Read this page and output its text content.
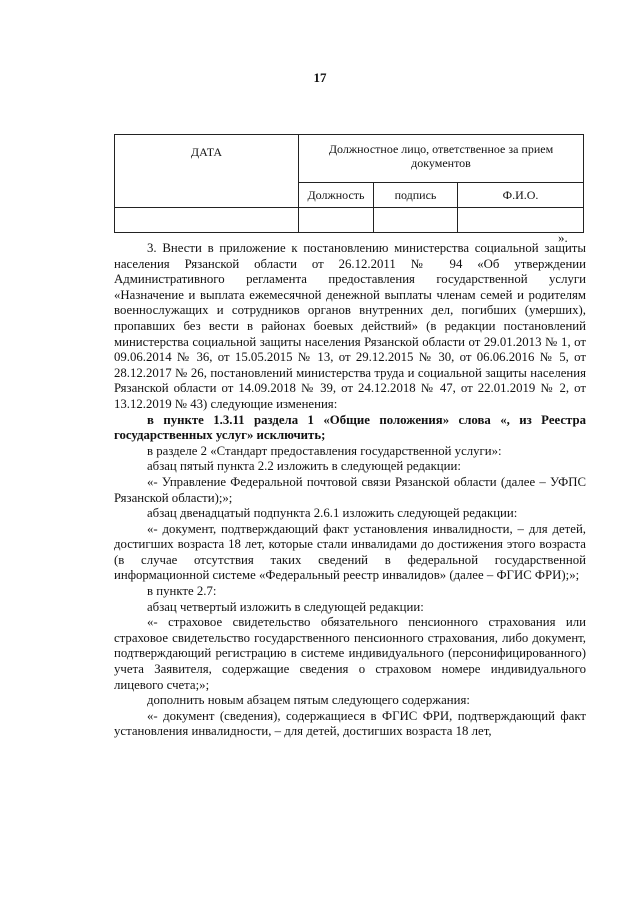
17
ДАТА	Должностное лицо, ответственное за прием документов		
	Должность	подпись	Ф.И.О.

».

3. Внести в приложение к постановлению министерства социальной защиты населения Рязанской области от 26.12.2011 № 94 «Об утверждении Административного регламента предоставления государственной услуги «Назначение и выплата ежемесячной денежной выплаты членам семей и родителям военнослужащих и сотрудников органов внутренних дел, погибших (умерших), пропавших без вести в районах боевых действий» (в редакции постановлений министерства социальной защиты населения Рязанской области от 29.01.2013 № 1, от 09.06.2014 № 36, от 15.05.2015 № 13, от 29.12.2015 № 30, от 06.06.2016 № 5, от 28.12.2017 № 26, постановлений министерства труда и социальной защиты населения Рязанской области от 14.09.2018 № 39, от 24.12.2018 № 47, от 22.01.2019 № 2, от 13.12.2019 № 43) следующие изменения:

в пункте 1.3.11 раздела 1 «Общие положения» слова «, из Реестра государственных услуг» исключить;

в разделе 2 «Стандарт предоставления государственной услуги»:

абзац пятый пункта 2.2 изложить в следующей редакции:

«- Управление Федеральной почтовой связи Рязанской области (далее – УФПС Рязанской области);»;

абзац двенадцатый подпункта 2.6.1 изложить следующей редакции:

«- документ, подтверждающий факт установления инвалидности, – для детей, достигших возраста 18 лет, которые стали инвалидами до достижения этого возраста (в случае отсутствия таких сведений в федеральной государственной информационной системе «Федеральный реестр инвалидов» (далее – ФГИС ФРИ);»;

в пункте 2.7:

абзац четвертый изложить в следующей редакции:

«- страховое свидетельство обязательного пенсионного страхования или страховое свидетельство государственного пенсионного страхования, либо документ, подтверждающий регистрацию в системе индивидуального (персонифицированного) учета Заявителя, содержащие сведения о страховом номере индивидуального лицевого счета;»;

дополнить новым абзацем пятым следующего содержания:

«- документ (сведения), содержащиеся в ФГИС ФРИ, подтверждающий факт установления инвалидности, – для детей, достигших возраста 18 лет,
